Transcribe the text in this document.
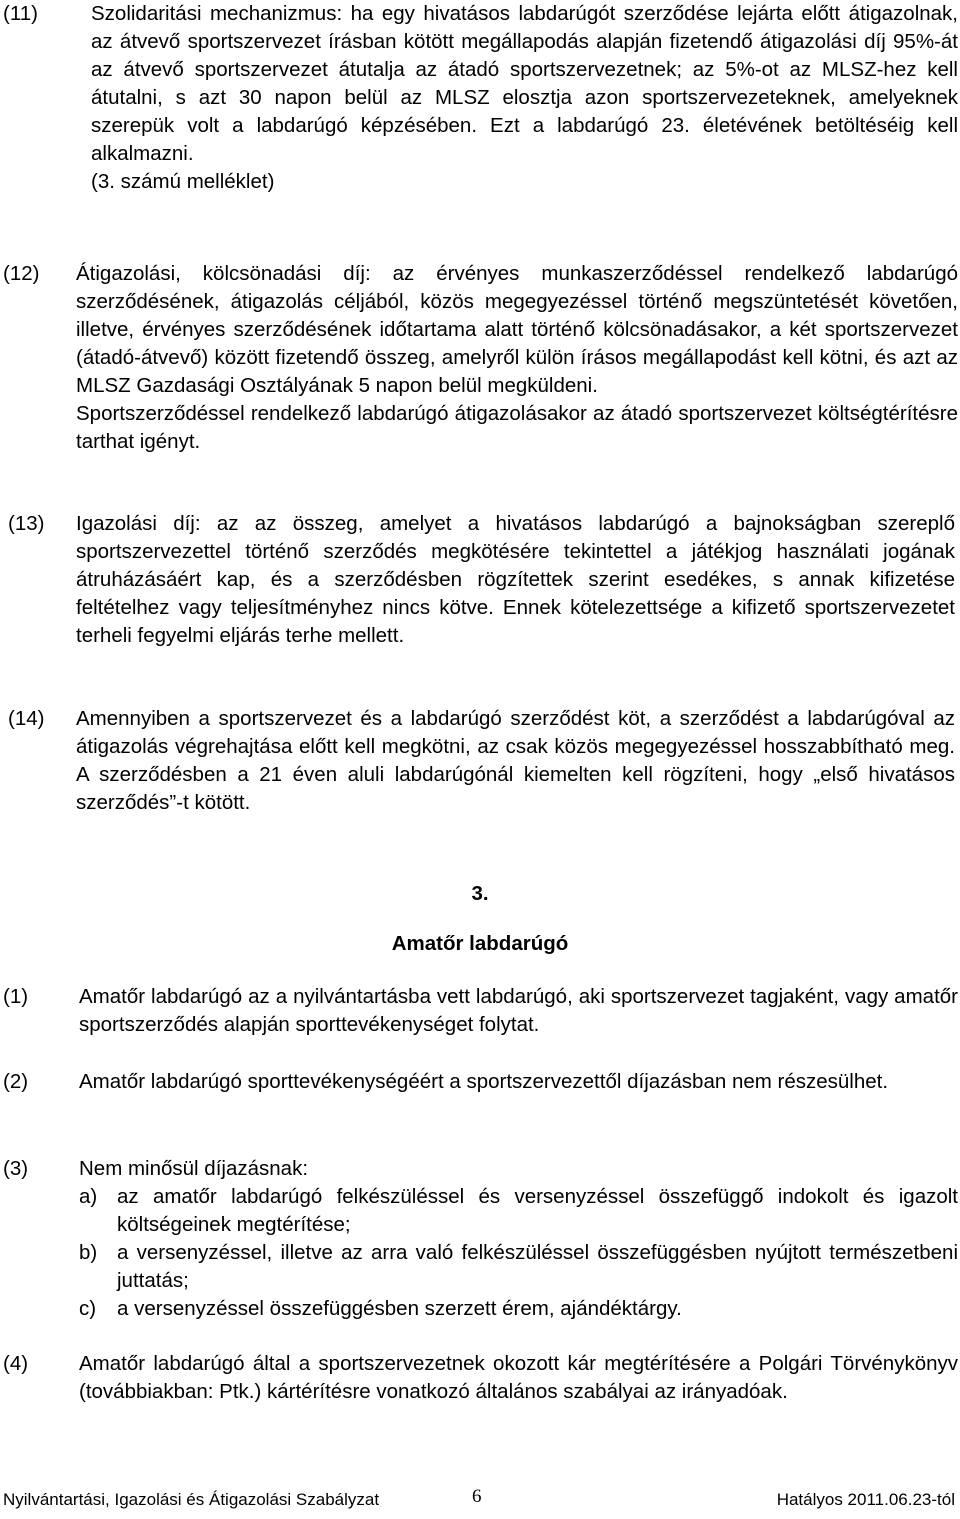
(11)	Szolidaritási mechanizmus: ha egy hivatásos labdarúgót szerződése lejárta előtt átigazolnak, az átvevő sportszervezet írásban kötött megállapodás alapján fizetendő átigazolási díj 95%-át az átvevő sportszervezet átutalja az átadó sportszervezetnek; az 5%-ot az MLSZ-hez kell átutalni, s azt 30 napon belül az MLSZ elosztja azon sportszervezeteknek, amelyeknek szerepük volt a labdarúgó képzésében. Ezt a labdarúgó 23. életévének betöltéséig kell alkalmazni.

(3. számú melléklet)

(12) Átigazolási, kölcsönadási díj: az érvényes munkaszerződéssel rendelkező labdarúgó szerződésének, átigazolás céljából, közös megegyezéssel történő megszüntetését követően, illetve, érvényes szerződésének időtartama alatt történő kölcsönadásakor, a két sportszervezet (átadó-átvevő) között fizetendő összeg, amelyről külön írásos megállapodást kell kötni, és azt az MLSZ Gazdasági Osztályának 5 napon belül megküldeni.

Sportszerződéssel rendelkező labdarúgó átigazolásakor az átadó sportszervezet költségtérítésre tarthat igényt.

(13) Igazolási díj: az az összeg, amelyet a hivatásos labdarúgó a bajnokságban szereplő sportszervezettel történő szerződés megkötésére tekintettel a játékjog használati jogának átruházásáért kap, és a szerződésben rögzítettek szerint esedékes, s annak kifizetése feltételhez vagy teljesítményhez nincs kötve. Ennek kötelezettsége a kifizető sportszervezetet terheli fegyelmi eljárás terhe mellett.

(14) Amennyiben a sportszervezet és a labdarúgó szerződést köt, a szerződést a labdarúgóval az átigazolás végrehajtása előtt kell megkötni, az csak közös megegyezéssel hosszabbítható meg. A szerződésben a 21 éven aluli labdarúgónál kiemelten kell rögzíteni, hogy „első hivatásos szerződés”-t kötött.

3.
Amatőr labdarúgó
(1) Amatőr labdarúgó az a nyilvántartásba vett labdarúgó, aki sportszervezet tagjaként, vagy amatőr sportszerződés alapján sporttevékenységet folytat.

(2) Amatőr labdarúgó sporttevékenységéért a sportszervezettől díjazásban nem részesülhet.

(3) Nem minősül díjazásnak:

a) az amatőr labdarúgó felkészüléssel és versenyzéssel összefüggő indokolt és igazolt költségeinek megtérítése;
b) a versenyzéssel, illetve az arra való felkészüléssel összefüggésben nyújtott természetbeni juttatás;
c) a versenyzéssel összefüggésben szerzett érem, ajándéktárgy.
(4) Amatőr labdarúgó által a sportszervezetnek okozott kár megtérítésére a Polgári Törvénykönyv (továbbiakban: Ptk.) kártérítésre vonatkozó általános szabályai az irányadóak.

Nyilvántartási, Igazolási és Átigazolási Szabályzat	6	Hatályos 2011.06.23-tól
